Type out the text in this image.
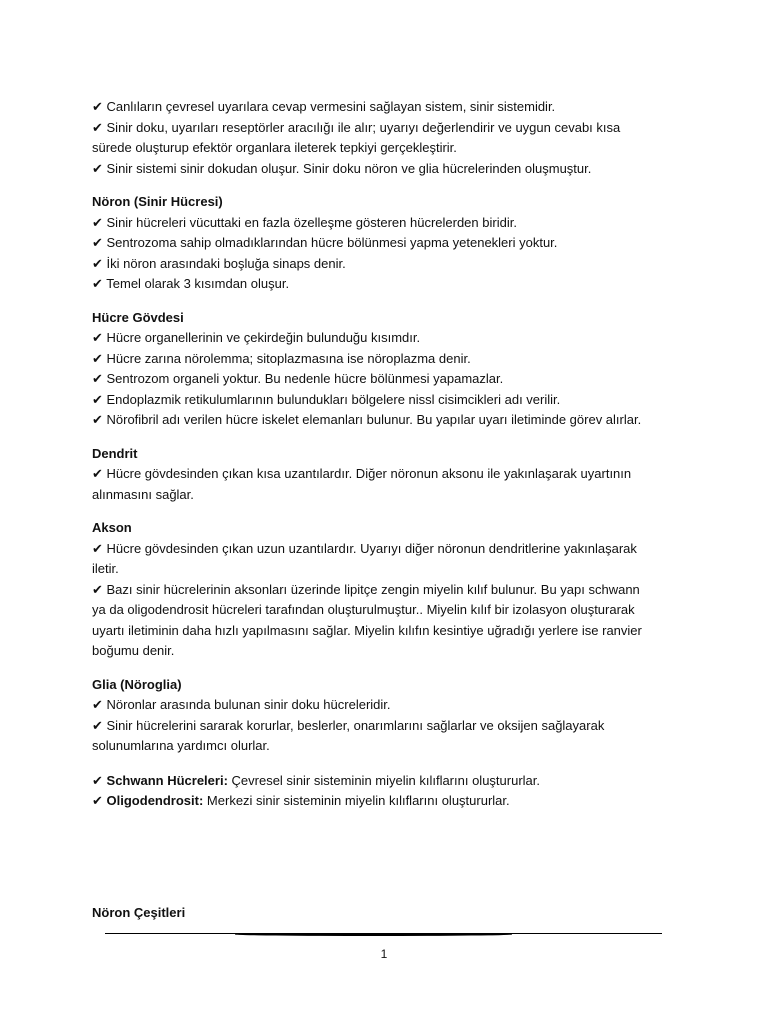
✔ Canlıların çevresel uyarılara cevap vermesini sağlayan sistem, sinir sistemidir.

✔ Sinir doku, uyarıları reseptörler aracılığı ile alır; uyarıyı değerlendirir ve uygun cevabı kısa

sürede oluşturup efektör organlara ileterek tepkiyi gerçekleştirir.

✔ Sinir sistemi sinir dokudan oluşur. Sinir doku nöron ve glia hücrelerinden oluşmuştur.

Nöron (Sinir Hücresi)

✔ Sinir hücreleri vücuttaki en fazla özelleşme gösteren hücrelerden biridir.

✔ Sentrozoma sahip olmadıklarından hücre bölünmesi yapma yetenekleri yoktur.

✔ İki nöron arasındaki boşluğa sinaps denir.

✔ Temel olarak 3 kısımdan oluşur.

Hücre Gövdesi

✔ Hücre organellerinin ve çekirdeğin bulunduğu kısımdır.

✔ Hücre zarına nörolemma; sitoplazmasına ise nöroplazma denir.

✔ Sentrozom organeli yoktur. Bu nedenle hücre bölünmesi yapamazlar.

✔ Endoplazmik retikulumlarının bulundukları bölgelere nissl cisimcikleri adı verilir.

✔ Nörofibril adı verilen hücre iskelet elemanları bulunur. Bu yapılar uyarı iletiminde görev alırlar.

Dendrit

✔ Hücre gövdesinden çıkan kısa uzantılardır. Diğer nöronun aksonu ile yakınlaşarak uyartının

alınmasını sağlar.

Akson

✔ Hücre gövdesinden çıkan uzun uzantılardır. Uyarıyı diğer nöronun dendritlerine yakınlaşarak

iletir.

✔ Bazı sinir hücrelerinin aksonları üzerinde lipitçe zengin miyelin kılıf bulunur. Bu yapı schwann

ya da oligodendrosit hücreleri tarafından oluşturulmuştur.. Miyelin kılıf bir izolasyon oluşturarak

uyartı iletiminin daha hızlı yapılmasını sağlar. Miyelin kılıfın kesintiye uğradığı yerlere ise ranvier

boğumu denir.

Glia (Nöroglia)

✔ Nöronlar arasında bulunan sinir doku hücreleridir.

✔ Sinir hücrelerini sararak korurlar, beslerler, onarımlarını sağlarlar ve oksijen sağlayarak

solunumlarına yardımcı olurlar.

✔ Schwann Hücreleri: Çevresel sinir sisteminin miyelin kılıflarını oluştururlar.

✔ Oligodendrosit: Merkezi sinir sisteminin miyelin kılıflarını oluştururlar.

Nöron Çeşitleri
1
